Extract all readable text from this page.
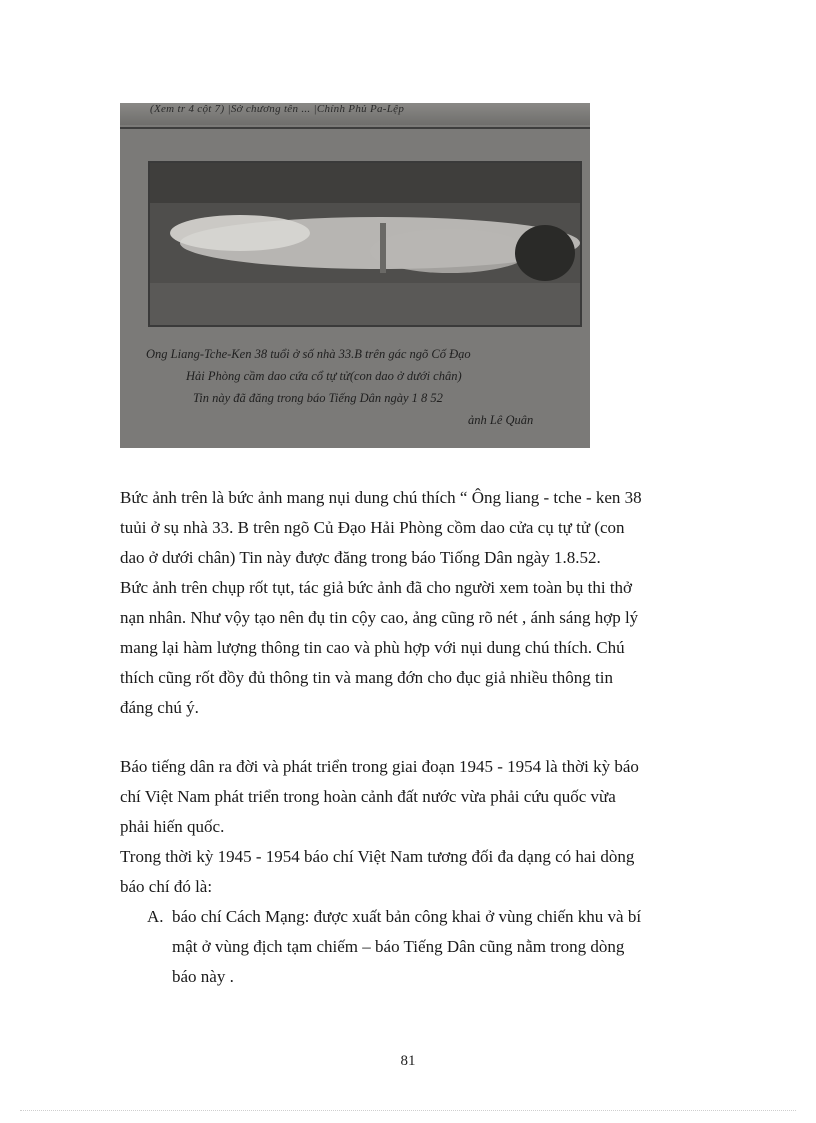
(Xem tr 4 cột 7) |Sở chương tên ... |Chính Phủ Pa-Lệp
Ong Liang-Tche-Ken 38 tuổi ở số nhà 33.B trên gác ngõ Cố Đạo
Hải Phòng cầm dao cứa cổ tự tử(con dao ở dưới chân)
Tin này đã đăng trong báo Tiếng Dân ngày 1 8 52
ảnh Lê Quân
Bức ảnh trên là bức ảnh mang nụi dung chú thích “ Ông liang - tche - ken 38
tuủi ở sụ nhà 33. B trên ngõ Củ Đạo Hải Phòng cồm dao cửa cụ tự tử (con
dao ở dưới chân) Tin này được đăng trong báo Tiống Dân ngày 1.8.52.
Bức ảnh trên chụp rốt tụt, tác giả bức ảnh đã cho người xem toàn bụ thi thở
nạn nhân. Như vộy tạo nên đụ tin cộy cao, ảng cũng rõ nét , ánh sáng hợp lý
mang lại hàm lượng thông tin cao và phù hợp với nụi dung chú thích. Chú
thích cũng rốt đồy đủ thông tin và mang đớn cho đục giả nhiều thông tin
đáng chú ý.
Báo tiếng dân ra đời và phát triển trong giai đoạn 1945 - 1954 là thời kỳ báo
chí Việt Nam phát triển trong hoàn cảnh đất nước vừa phải cứu quốc vừa
phải hiến quốc.
Trong thời kỳ 1945 - 1954 báo chí Việt Nam tương đối đa dạng có hai dòng
báo chí đó là:
A. báo chí Cách Mạng: được xuất bản công khai ở vùng chiến khu và bí
mật ở vùng địch tạm chiếm – báo Tiếng Dân cũng nằm trong dòng
báo này .
81
